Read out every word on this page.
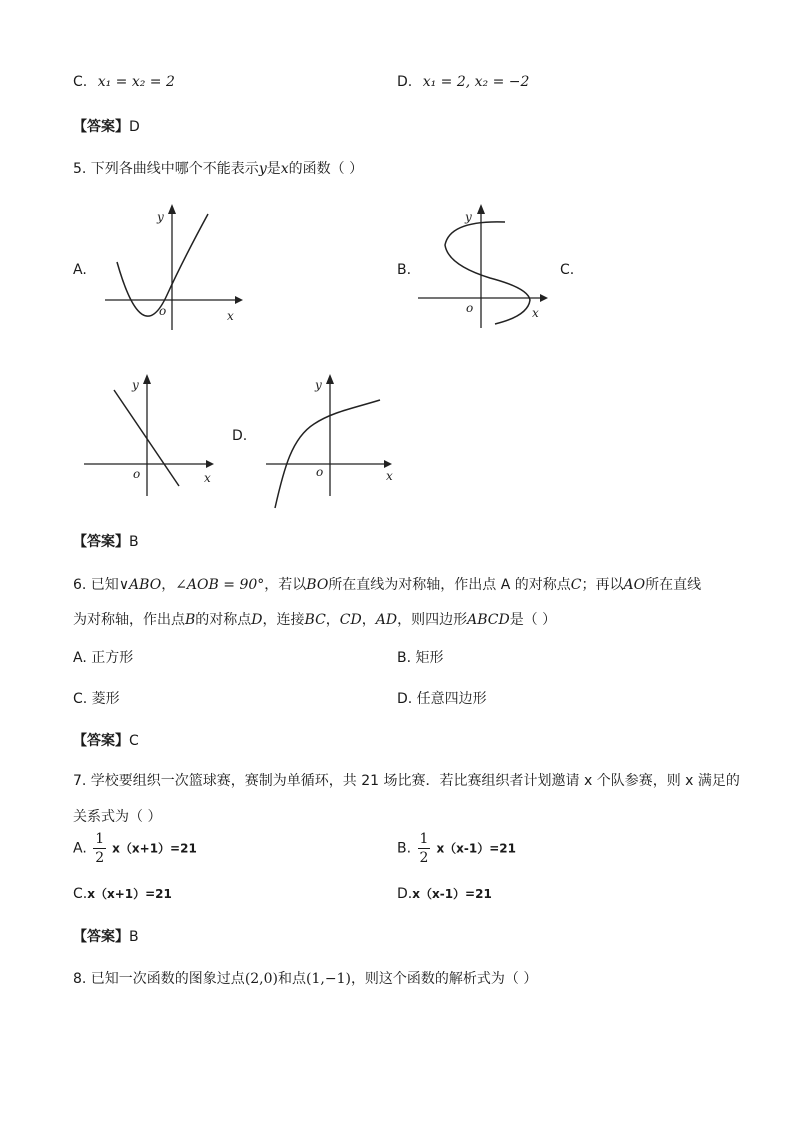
C. x₁ = x₂ = 2	D. x₁ = 2, x₂ = −2
【答案】D
5. 下列各曲线中哪个不能表示y是x的函数（ ）
A.
x
y
o
B.
x
y
o
C.
x
y
o
D.
x
y
o
【答案】B
6. 已知∨ABO，∠AOB = 90°，若以BO所在直线为对称轴，作出点 A 的对称点C；再以AO所在直线
为对称轴，作出点B的对称点D，连接BC，CD，AD，则四边形ABCD是（ ）
A. 正方形	B. 矩形
C. 菱形	D. 任意四边形
【答案】C
7. 学校要组织一次篮球赛，赛制为单循环，共 21 场比赛．若比赛组织者计划邀请 x 个队参赛，则 x 满足的
关系式为（ ）
A. $\frac{1}{2} x(x+1)=21$	B. $\frac{1}{2} x(x-1)=21$
C.x（x+1）=21	D.x（x-1）=21
【答案】B
8. 已知一次函数的图象过点(2,0)和点(1,−1)，则这个函数的解析式为（ ）
